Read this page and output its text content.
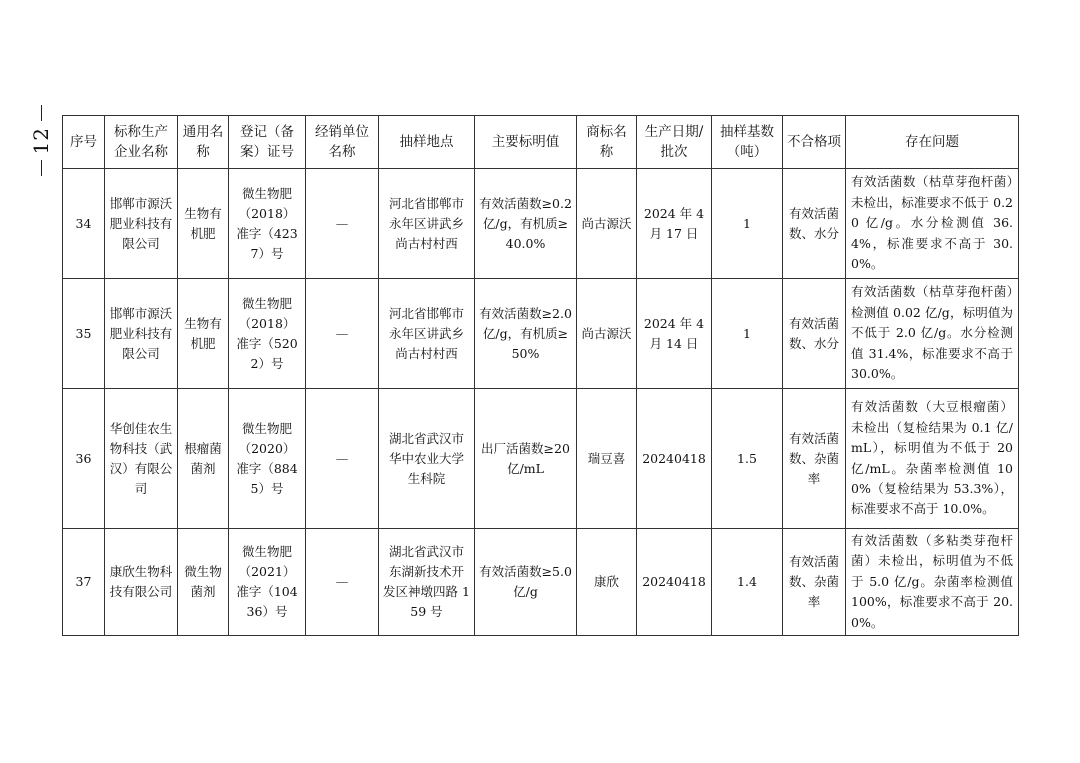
12 序号	标称生产企业名称	通用名称	登记（备案）证号	经销单位名称	抽样地点	主要标明值	商标名称	生产日期/批次	抽样基数（吨）	不合格项	存在问题
34	邯郸市源沃肥业科技有限公司	生物有机肥	微生物肥（2018）准字（4237）号	—	河北省邯郸市永年区讲武乡尚古村村西	有效活菌数≥0.2 亿/g，有机质≥40.0%	尚古源沃	2024 年 4 月 17 日	1	有效活菌数、水分	有效活菌数（枯草芽孢杆菌）未检出，标准要求不低于 0.20 亿/g。水分检测值 36.4%，标准要求不高于 30.0%。
35	邯郸市源沃肥业科技有限公司	生物有机肥	微生物肥（2018）准字（5202）号	—	河北省邯郸市永年区讲武乡尚古村村西	有效活菌数≥2.0 亿/g，有机质≥50%	尚古源沃	2024 年 4 月 14 日	1	有效活菌数、水分	有效活菌数（枯草芽孢杆菌）检测值 0.02 亿/g，标明值为不低于 2.0 亿/g。水分检测值 31.4%，标准要求不高于 30.0%。
36	华创佳农生物科技（武汉）有限公司	根瘤菌菌剂	微生物肥（2020）准字（8845）号	—	湖北省武汉市华中农业大学生科院	出厂活菌数≥20 亿/mL	瑞豆喜	20240418	1.5	有效活菌数、杂菌率	有效活菌数（大豆根瘤菌）未检出（复检结果为 0.1 亿/mL），标明值为不低于 20 亿/mL。杂菌率检测值 100%（复检结果为 53.3%），标准要求不高于 10.0%。
37	康欣生物科技有限公司	微生物菌剂	微生物肥（2021）准字（10436）号	—	湖北省武汉市东湖新技术开发区神墩四路 159 号	有效活菌数≥5.0 亿/g	康欣	20240418	1.4	有效活菌数、杂菌率	有效活菌数（多粘类芽孢杆菌）未检出，标明值为不低于 5.0 亿/g。杂菌率检测值 100%，标准要求不高于 20.0%。
